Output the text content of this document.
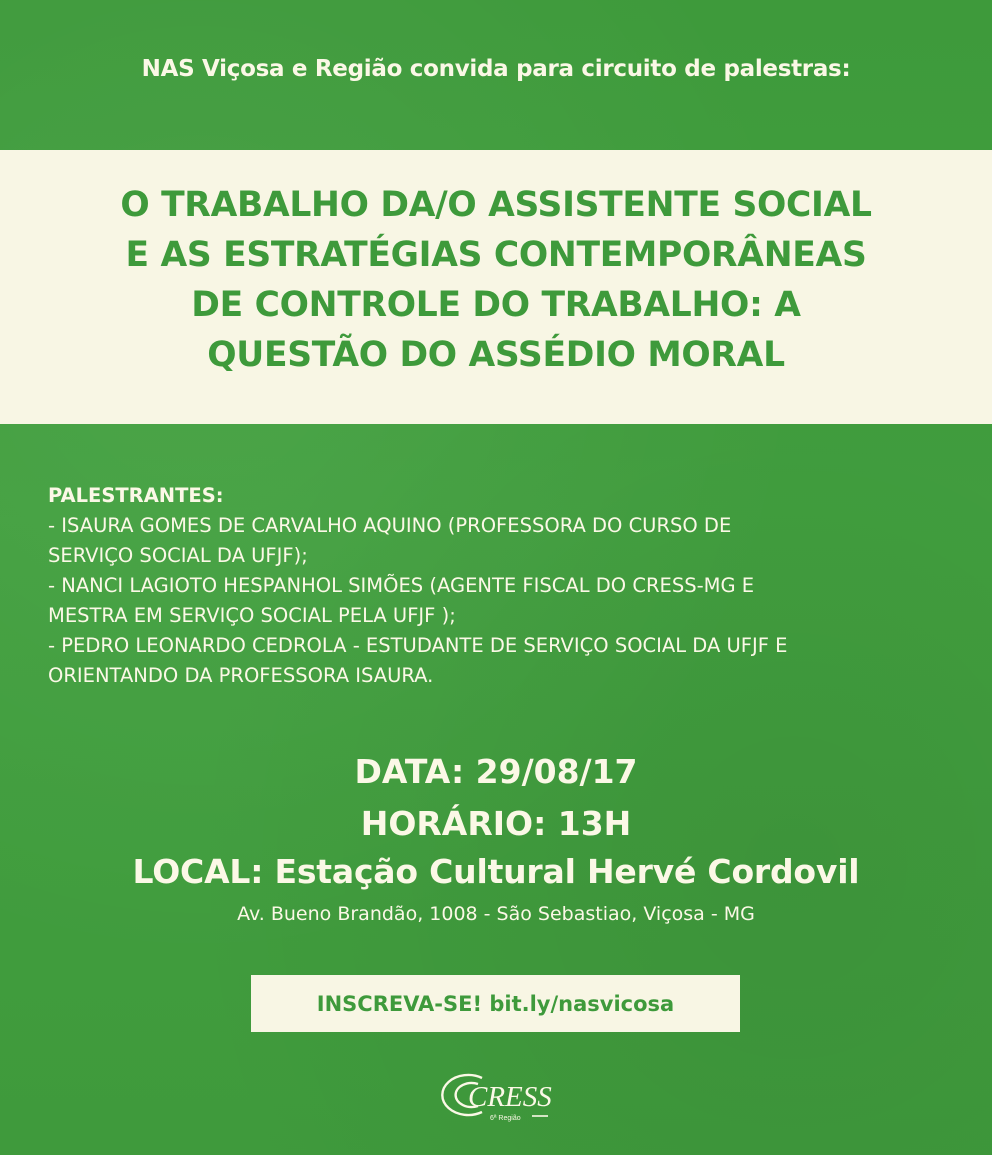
NAS Viçosa e Região convida para circuito de palestras:
O TRABALHO DA/O ASSISTENTE SOCIAL
E AS ESTRATÉGIAS CONTEMPORÂNEAS
DE CONTROLE DO TRABALHO: A
QUESTÃO DO ASSÉDIO MORAL
PALESTRANTES:
- ISAURA GOMES DE CARVALHO AQUINO (PROFESSORA DO CURSO DE
SERVIÇO SOCIAL DA UFJF);
- NANCI LAGIOTO HESPANHOL SIMÕES (AGENTE FISCAL DO CRESS-MG E
MESTRA EM SERVIÇO SOCIAL PELA UFJF );
- PEDRO LEONARDO CEDROLA - ESTUDANTE DE SERVIÇO SOCIAL DA UFJF E
ORIENTANDO DA PROFESSORA ISAURA.
DATA: 29/08/17
HORÁRIO: 13H
LOCAL: Estação Cultural Hervé Cordovil
Av. Bueno Brandão, 1008 - São Sebastiao, Viçosa - MG
INSCREVA-SE! bit.ly/nasvicosa
CRESS
6ª Região
